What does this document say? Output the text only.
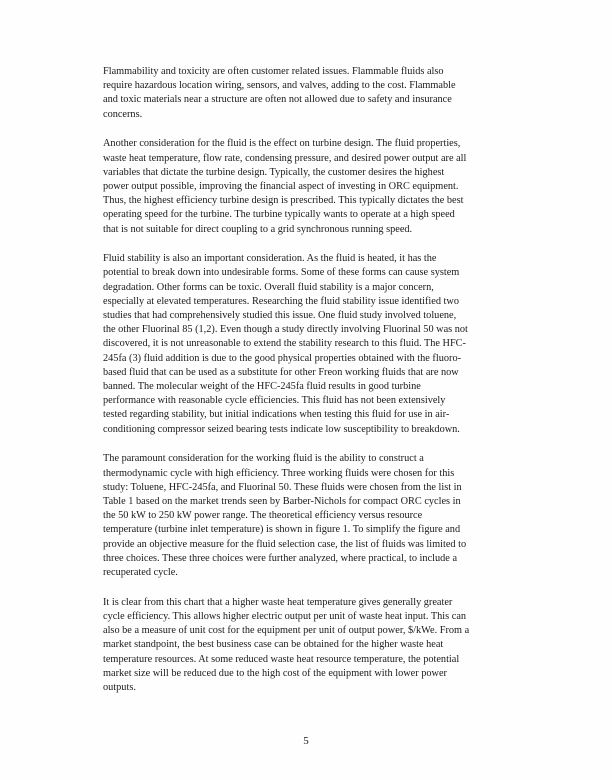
Flammability and toxicity are often customer related issues. Flammable fluids also
require hazardous location wiring, sensors, and valves, adding to the cost. Flammable
and toxic materials near a structure are often not allowed due to safety and insurance
concerns.

Another consideration for the fluid is the effect on turbine design. The fluid properties,
waste heat temperature, flow rate, condensing pressure, and desired power output are all
variables that dictate the turbine design. Typically, the customer desires the highest
power output possible, improving the financial aspect of investing in ORC equipment.
Thus, the highest efficiency turbine design is prescribed. This typically dictates the best
operating speed for the turbine. The turbine typically wants to operate at a high speed
that is not suitable for direct coupling to a grid synchronous running speed.

Fluid stability is also an important consideration. As the fluid is heated, it has the
potential to break down into undesirable forms. Some of these forms can cause system
degradation. Other forms can be toxic. Overall fluid stability is a major concern,
especially at elevated temperatures. Researching the fluid stability issue identified two
studies that had comprehensively studied this issue. One fluid study involved toluene,
the other Fluorinal 85 (1,2). Even though a study directly involving Fluorinal 50 was not
discovered, it is not unreasonable to extend the stability research to this fluid. The HFC-
245fa (3) fluid addition is due to the good physical properties obtained with the fluoro-
based fluid that can be used as a substitute for other Freon working fluids that are now
banned. The molecular weight of the HFC-245fa fluid results in good turbine
performance with reasonable cycle efficiencies. This fluid has not been extensively
tested regarding stability, but initial indications when testing this fluid for use in air-
conditioning compressor seized bearing tests indicate low susceptibility to breakdown.

The paramount consideration for the working fluid is the ability to construct a
thermodynamic cycle with high efficiency. Three working fluids were chosen for this
study: Toluene, HFC-245fa, and Fluorinal 50. These fluids were chosen from the list in
Table 1 based on the market trends seen by Barber-Nichols for compact ORC cycles in
the 50 kW to 250 kW power range. The theoretical efficiency versus resource
temperature (turbine inlet temperature) is shown in figure 1. To simplify the figure and
provide an objective measure for the fluid selection case, the list of fluids was limited to
three choices. These three choices were further analyzed, where practical, to include a
recuperated cycle.

It is clear from this chart that a higher waste heat temperature gives generally greater
cycle efficiency. This allows higher electric output per unit of waste heat input. This can
also be a measure of unit cost for the equipment per unit of output power, $/kWe. From a
market standpoint, the best business case can be obtained for the higher waste heat
temperature resources. At some reduced waste heat resource temperature, the potential
market size will be reduced due to the high cost of the equipment with lower power
outputs.

5
